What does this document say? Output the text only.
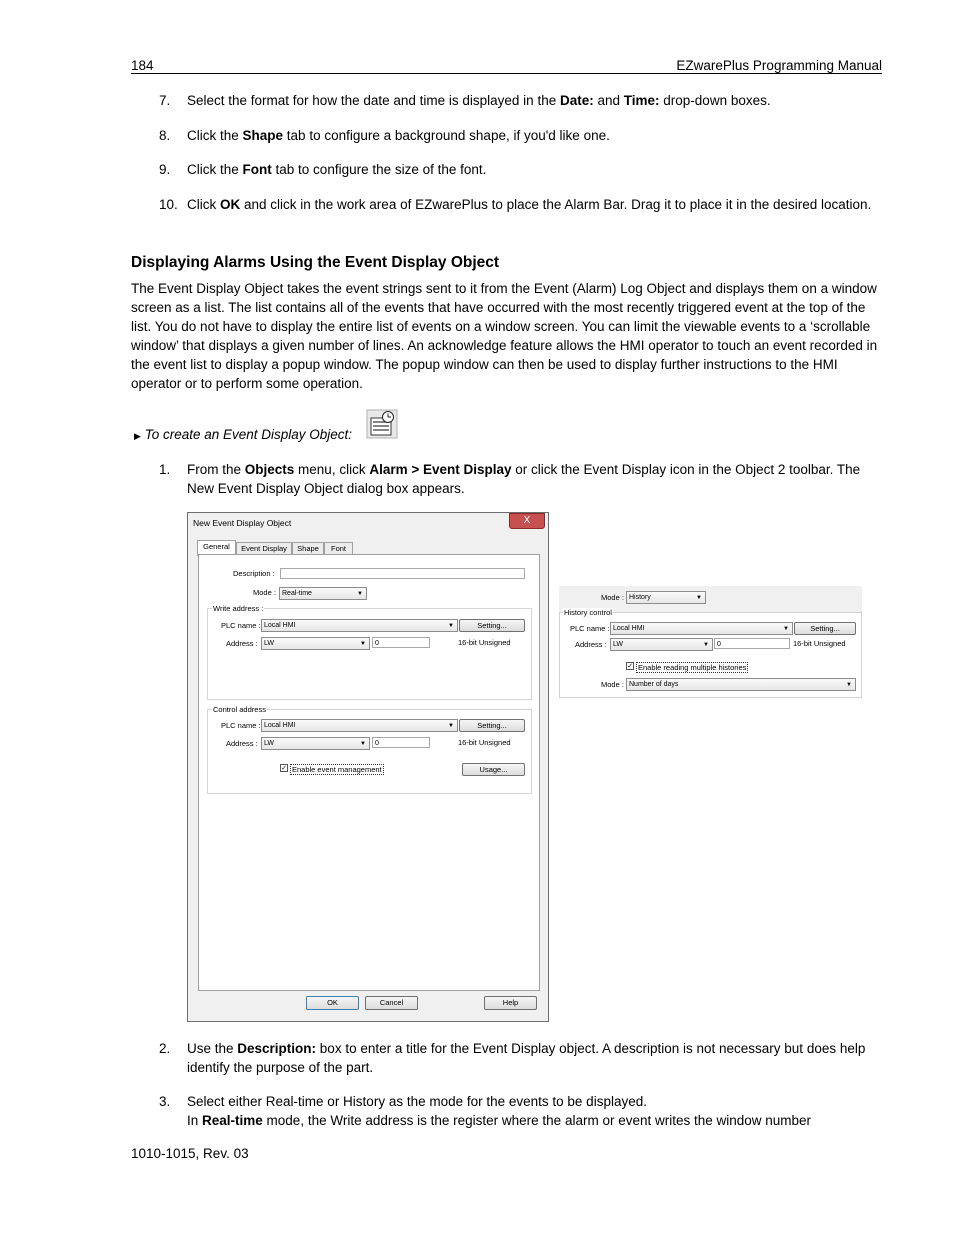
184	EZwarePlus Programming Manual
7.	Select the format for how the date and time is displayed in the Date: and Time: drop-down boxes.
8.	Click the Shape tab to configure a background shape, if you'd like one.
9.	Click the Font tab to configure the size of the font.
10. Click OK and click in the work area of EZwarePlus to place the Alarm Bar. Drag it to place it in the desired location.
Displaying Alarms Using the Event Display Object
The Event Display Object takes the event strings sent to it from the Event (Alarm) Log Object and displays them on a window screen as a list. The list contains all of the events that have occurred with the most recently triggered event at the top of the list. You do not have to display the entire list of events on a window screen. You can limit the viewable events to a ‘scrollable window’ that displays a given number of lines. An acknowledge feature allows the HMI operator to touch an event recorded in the event list to display a popup window. The popup window can then be used to display further instructions to the HMI operator or to perform some operation.
▶ To create an Event Display Object:
1.	From the Objects menu, click Alarm > Event Display or click the Event Display icon in the Object 2 toolbar. The New Event Display Object dialog box appears.
New Event Display Object	X
General	Event Display	Shape	Font
Description :
Mode : Real-time	▼
Write address :
PLC name : Local HMI	▼	Setting...
Address : LW	▼	0	16-bit Unsigned
Control address
PLC name : Local HMI	▼	Setting...
Address : LW	▼	0	16-bit Unsigned
✓ Enable event management	Usage...
OK	Cancel	Help
Mode : History	▼
History control
PLC name : Local HMI	▼	Setting...
Address : LW	▼	0	16-bit Unsigned
✓ Enable reading multiple histories
Mode : Number of days	▼
2.	Use the Description: box to enter a title for the Event Display object. A description is not necessary but does help identify the purpose of the part.
3.	Select either Real-time or History as the mode for the events to be displayed.
In Real-time mode, the Write address is the register where the alarm or event writes the window number
1010-1015, Rev. 03
